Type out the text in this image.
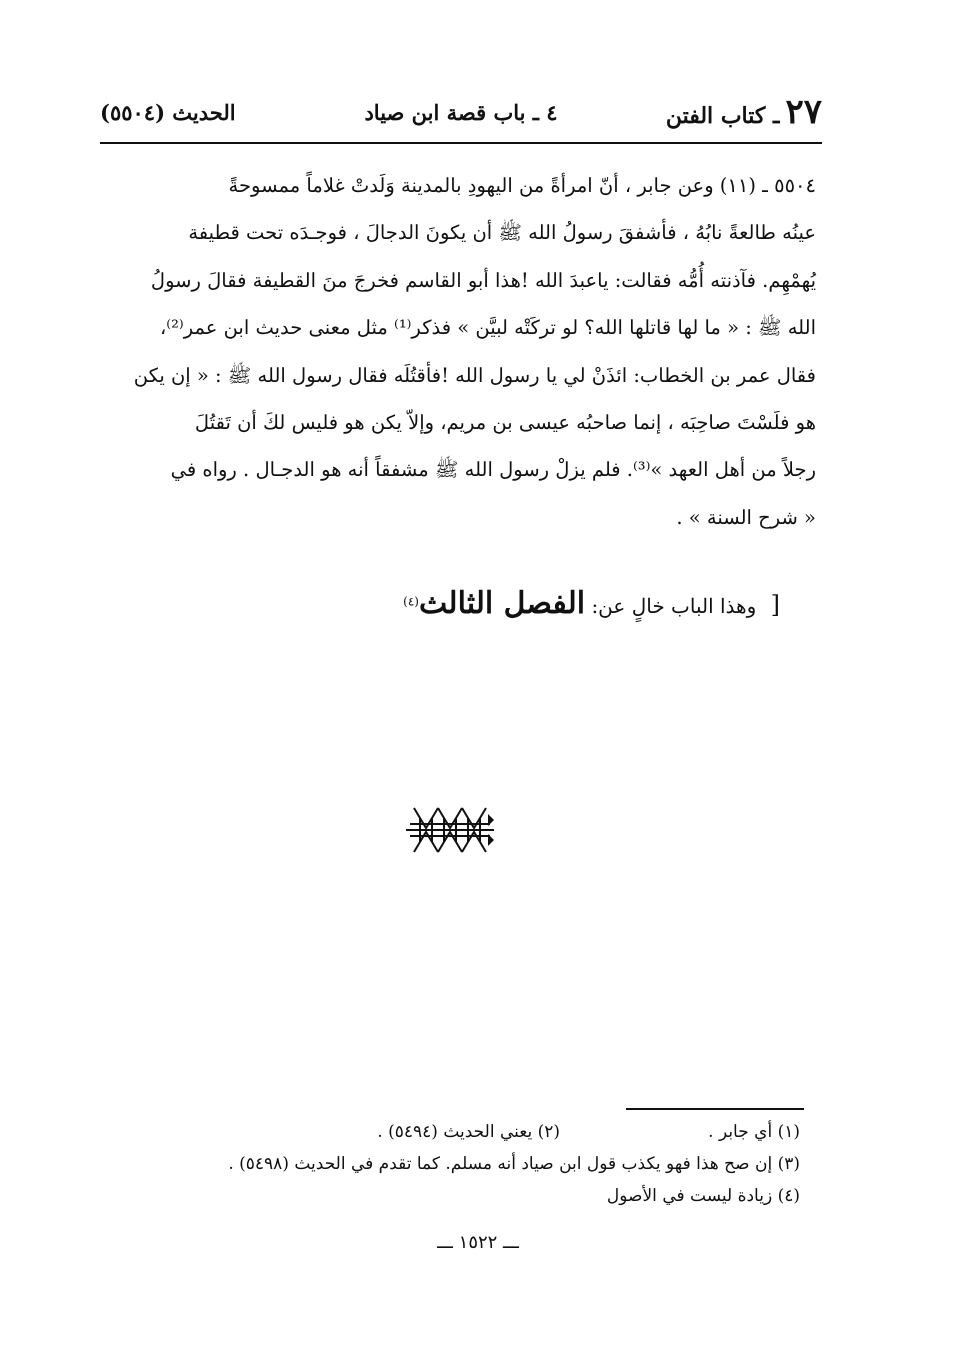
٢٧ـ كتاب الفتن
٤ ـ باب قصة ابن صياد
الحديث (٥٥٠٤)

٥٥٠٤ ـ (١١) وعن جابر ، أنّ امرأةً من اليهودِ بالمدينة وَلَدتْ غلاماً ممسوحةً

عينُه طالعةً نابُهُ ، فأشفقَ رسولُ الله ﷺ أن يكونَ الدجالَ ، فوجـدَه تحت قطيفة

يُهمْهِم. فآذنته أُمُّه فقالت: ياعبدَ الله !هذا أبو القاسم فخرجَ منَ القطيفة فقالَ رسولُ

الله ﷺ : « ما لها قاتلها الله؟ لو تركَتْه لبيَّن » فذكر⁽¹⁾ مثل معنى حديث ابن عمر⁽²⁾،

فقال عمر بن الخطاب: ائذَنْ لي يا رسول الله !فأقتُلَه فقال رسول الله ﷺ : « إن يكن

هو فلَسْتَ صاحِبَه ، إنما صاحبُه عيسى بن مريم، وإلاّ يكن هو فليس لكَ أن تَقتُلَ

رجلاً من أهل العهد »⁽³⁾. فلم يزلْ رسول الله ﷺ مشفقاً أنه هو الدجـال . رواه في

« شرح السنة » .

[ وهذا الباب خالٍ عن: الفصل الثالث$^{(٤)}$
(١) أي جابر .
(٢) يعني الحديث (٥٤٩٤) .
(٣) إن صح هذا فهو يكذب قول ابن صياد أنه مسلم. كما تقدم في الحديث (٥٤٩٨) .
(٤) زيادة ليست في الأصول
ـــ ١٥٢٢ ـــ
